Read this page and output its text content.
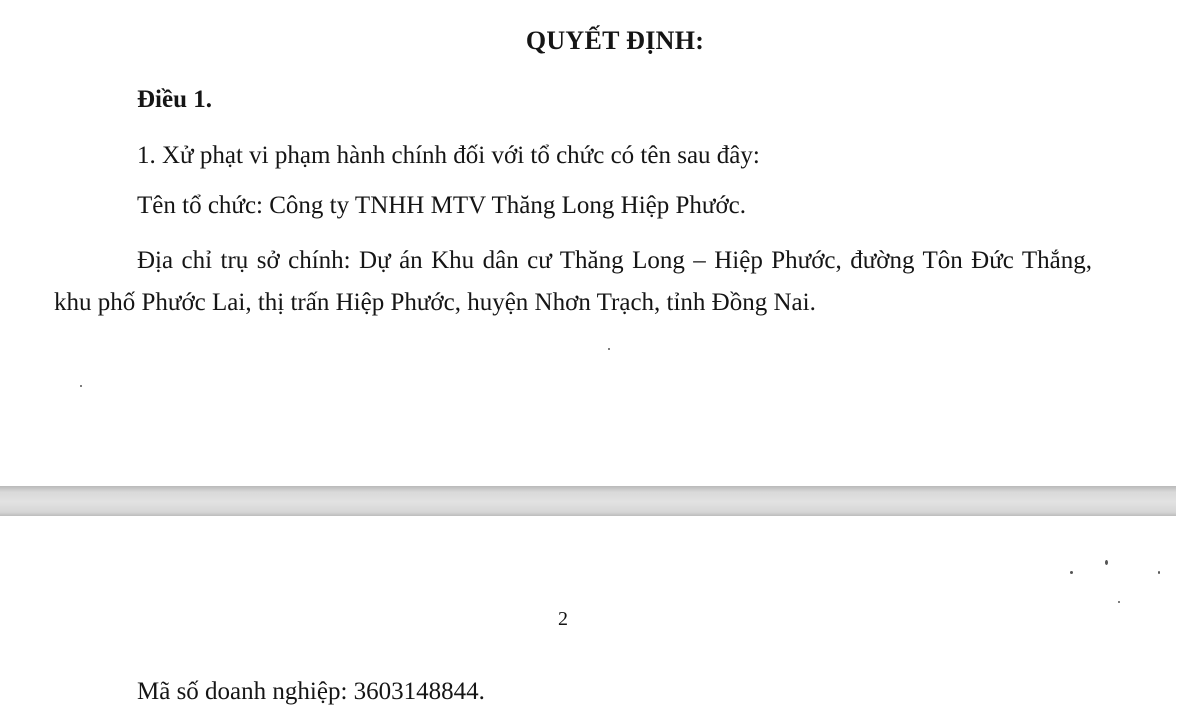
QUYẾT ĐỊNH:
Điều 1.
1. Xử phạt vi phạm hành chính đối với tổ chức có tên sau đây:
Tên tổ chức: Công ty TNHH MTV Thăng Long Hiệp Phước.
Địa chỉ trụ sở chính: Dự án Khu dân cư Thăng Long – Hiệp Phước, đường Tôn Đức Thắng, khu phố Phước Lai, thị trấn Hiệp Phước, huyện Nhơn Trạch, tỉnh Đồng Nai.
2
Mã số doanh nghiệp: 3603148844.
